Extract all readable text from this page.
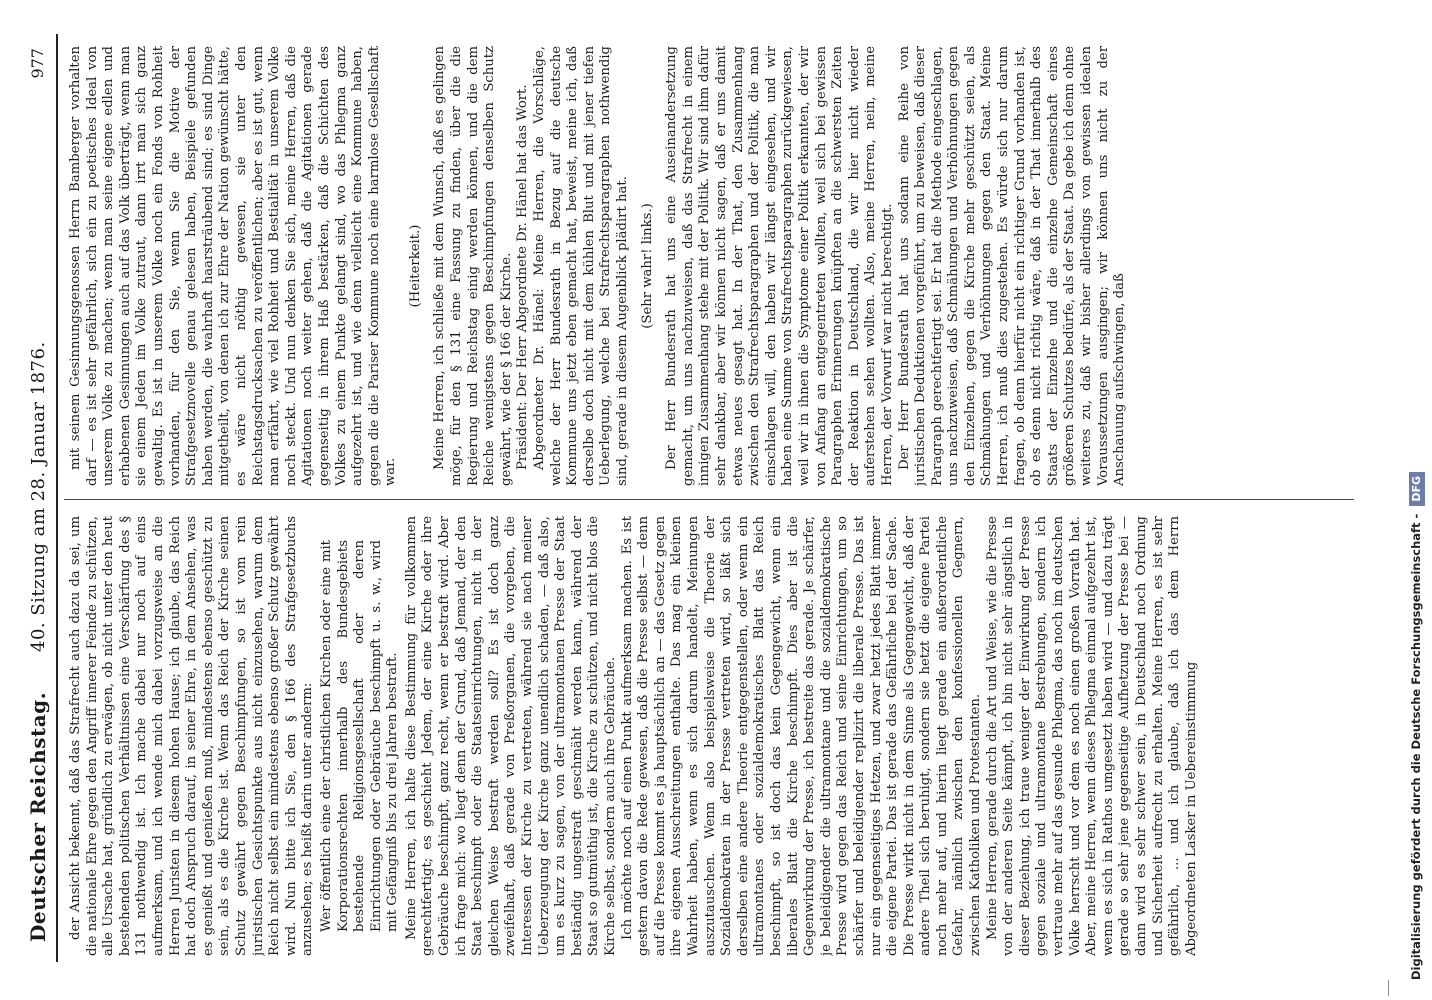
Deutscher Reichstag.
40. Sitzung am 28. Januar 1876.
977

der Ansicht bekennt, daß das Strafrecht auch dazu da sei, um die nationale Ehre gegen den Angriff innerer Feinde zu schützen, alle Ursache hat, gründlich zu erwägen, ob nicht unter den heut bestehenden politischen Verhältnissen eine Verschärfung des § 131 nothwendig ist. Ich mache dabei nur noch auf eins aufmerksam, und ich wende mich dabei vorzugsweise an die Herren Juristen in diesem hohen Hause; ich glaube, das Reich hat doch Anspruch darauf, in seiner Ehre, in dem Ansehen, was es genießt und genießen muß, mindestens ebenso geschützt zu sein, als es die Kirche ist. Wenn das Reich der Kirche seinen Schutz gewährt gegen Beschimpfungen, so ist vom rein juristischen Gesichtspunkte aus nicht einzusehen, warum dem Reich nicht selbst ein mindestens ebenso großer Schutz gewährt wird. Nun bitte ich Sie, den § 166 des Strafgesetzbuchs anzusehen; es heißt darin unter anderm: Wer öffentlich eine der christlichen Kirchen oder eine mit Korporationsrechten innerhalb des Bundesgebiets bestehende Religionsgesellschaft oder deren Einrichtungen oder Gebräuche beschimpft u. s. w., wird mit Gefängniß bis zu drei Jahren bestraft. Meine Herren, ich halte diese Bestimmung für vollkommen gerechtfertigt; es geschieht Jedem, der eine Kirche oder ihre Gebräuche beschimpft, ganz recht, wenn er bestraft wird. Aber ich frage mich: wo liegt denn der Grund, daß Jemand, der den Staat beschimpft oder die Staatseinrichtungen, nicht in der gleichen Weise bestraft werden soll? Es ist doch ganz zweifelhaft, daß gerade von Preßorganen, die vorgeben, die Interessen der Kirche zu vertreten, während sie nach meiner Ueberzeugung der Kirche ganz unendlich schaden, — daß also, um es kurz zu sagen, von der ultramontanen Presse der Staat beständig ungestraft geschmäht werden kann, während der Staat so gutmüthig ist, die Kirche zu schützen, und nicht blos die Kirche selbst, sondern auch ihre Gebräuche. Ich möchte noch auf einen Punkt aufmerksam machen. Es ist gestern davon die Rede gewesen, daß die Presse selbst — denn auf die Presse kommt es ja hauptsächlich an — das Gesetz gegen ihre eigenen Ausschreitungen enthalte. Das mag ein kleinen Wahrheit haben, wenn es sich darum handelt, Meinungen auszutauschen. Wenn also beispielsweise die Theorie der Sozialdemokraten in der Presse vertreten wird, so läßt sich derselben eine andere Theorie entgegenstellen, oder wenn ein ultramontanes oder sozialdemokratisches Blatt das Reich beschimpft, so ist doch das kein Gegengewicht, wenn ein liberales Blatt die Kirche beschimpft. Dies aber ist die Gegenwirkung der Presse, ich bestreite das gerade. Je schärfer, je beleidigender die ultramontane und die sozialdemokratische Presse wird gegen das Reich und seine Einrichtungen, um so schärfer und beleidigender replizirt die liberale Presse. Das ist nur ein gegenseitiges Hetzen, und zwar hetzt jedes Blatt immer die eigene Partei. Das ist gerade das Gefährliche bei der Sache. Die Presse wirkt nicht in dem Sinne als Gegengewicht, daß der andere Theil sich beruhigt, sondern sie hetzt die eigene Partei noch mehr auf, und hierin liegt gerade ein außerordentliche Gefahr, nämlich zwischen den konfessionellen Gegnern, zwischen Katholiken und Protestanten. Meine Herren, gerade durch die Art und Weise, wie die Presse von der anderen Seite kämpft, ich bin nicht sehr ängstlich in dieser Beziehung, ich traue weniger der Einwirkung der Presse gegen soziale und ultramontane Bestrebungen, sondern ich vertraue mehr auf das gesunde Phlegma, das noch im deutschen Volke herrscht und vor dem es noch einen großen Vorrath hat. Aber, meine Herren, wenn dieses Phlegma einmal aufgezehrt ist, wenn es sich in Rathos umgesetzt haben wird — und dazu trägt gerade so sehr jene gegenseitige Aufhetzung der Presse bei — dann wird es sehr schwer sein, in Deutschland noch Ordnung und Sicherheit aufrecht zu erhalten. Meine Herren, es ist sehr gefährlich, ... und ich glaube, daß ich das dem Herrn Abgeordneten Lasker in Uebereinstimmung

mit seinem Gesinnungsgenossen Herrn Bamberger vorhalten darf — es ist sehr gefährlich, sich ein zu poetisches Ideal von unserem Volke zu machen; wenn man seine eigene edlen und erhabenen Gesinnungen auch auf das Volk überträgt, wenn man sie einem Jeden im Volke zutraut, dann irrt man sich ganz gewaltig. Es ist in unserem Volke noch ein Fonds von Rohheit vorhanden, für den Sie, wenn Sie die Motive der Strafgesetznovelle genau gelesen haben, Beispiele gefunden haben werden, die wahrhaft haarsträubend sind; es sind Dinge mitgetheilt, von denen ich zur Ehre der Nation gewünscht hätte, es wäre nicht nöthig gewesen, sie unter den Reichstagsdrucksachen zu veröffentlichen; aber es ist gut, wenn man erfährt, wie viel Rohheit und Bestialität in unserem Volke noch steckt. Und nun denken Sie sich, meine Herren, daß die Agitationen noch weiter gehen, daß die Agitationen gerade gegenseitig in ihrem Haß bestärken, daß die Schichten des Volkes zu einem Punkte gelangt sind, wo das Phlegma ganz aufgezehrt ist, und wie denn vielleicht eine Kommune haben, gegen die die Pariser Kommune noch eine harmlose Gesellschaft war.

(Heiterkeit.) Meine Herren, ich schließe mit dem Wunsch, daß es gelingen möge, für den § 131 eine Fassung zu finden, über die die Regierung und Reichstag einig werden können, und die dem Reiche wenigstens gegen Beschimpfungen denselben Schutz gewährt, wie der § 166 der Kirche. Präsident: Der Herr Abgeordnete Dr. Hänel hat das Wort. Abgeordneter Dr. Hänel: Meine Herren, die Vorschläge, welche der Herr Bundesrath in Bezug auf die deutsche Kommune uns jetzt eben gemacht hat, beweist, meine ich, daß derselbe doch nicht mit dem kühlen Blut und mit jener tiefen Ueberlegung, welche bei Strafrechtsparagraphen nothwendig sind, gerade in diesem Augenblick plädirt hat. (Sehr wahr! links.) Der Herr Bundesrath hat uns eine Auseinandersetzung gemacht, um uns nachzuweisen, daß das Strafrecht in einem innigen Zusammenhang stehe mit der Politik. Wir sind ihm dafür sehr dankbar, aber wir können nicht sagen, daß er uns damit etwas neues gesagt hat. In der That, den Zusammenhang zwischen den Strafrechtsparagraphen und der Politik, die man einschlagen will, den haben wir längst eingesehen, und wir haben eine Summe von Strafrechtsparagraphen zurückgewiesen, weil wir in ihnen die Symptome einer Politik erkannten, der wir von Anfang an entgegentreten wollten, weil sich bei gewissen Paragraphen Erinnerungen knüpften an die schwersten Zeiten der Reaktion in Deutschland, die wir hier nicht wieder auferstehen sehen wollten. Also, meine Herren, nein, meine Herren, der Vorwurf war nicht berechtigt. Der Herr Bundesrath hat uns sodann eine Reihe von juristischen Deduktionen vorgeführt, um zu beweisen, daß dieser Paragraph gerechtfertigt sei. Er hat die Methode eingeschlagen, uns nachzuweisen, daß Schmähungen und Verhöhnungen gegen den Einzelnen, gegen die Kirche mehr geschützt seien, als Schmähungen und Verhöhnungen gegen den Staat. Meine Herren, ich muß dies zugestehen. Es würde sich nur darum fragen, ob denn hierfür nicht ein richtiger Grund vorhanden ist, ob es denn nicht richtig wäre, daß in der That innerhalb des Staats der Einzelne und die einzelne Gemeinschaft eines größeren Schutzes bedürfe, als der Staat. Da gebe ich denn ohne weiteres zu, daß wir bisher allerdings von gewissen idealen Voraussetzungen ausgingen; wir können uns nicht zu der Anschauung aufschwingen, daß

Digitalisierung gefördert durch die Deutsche Forschungsgemeinschaft - DFG
